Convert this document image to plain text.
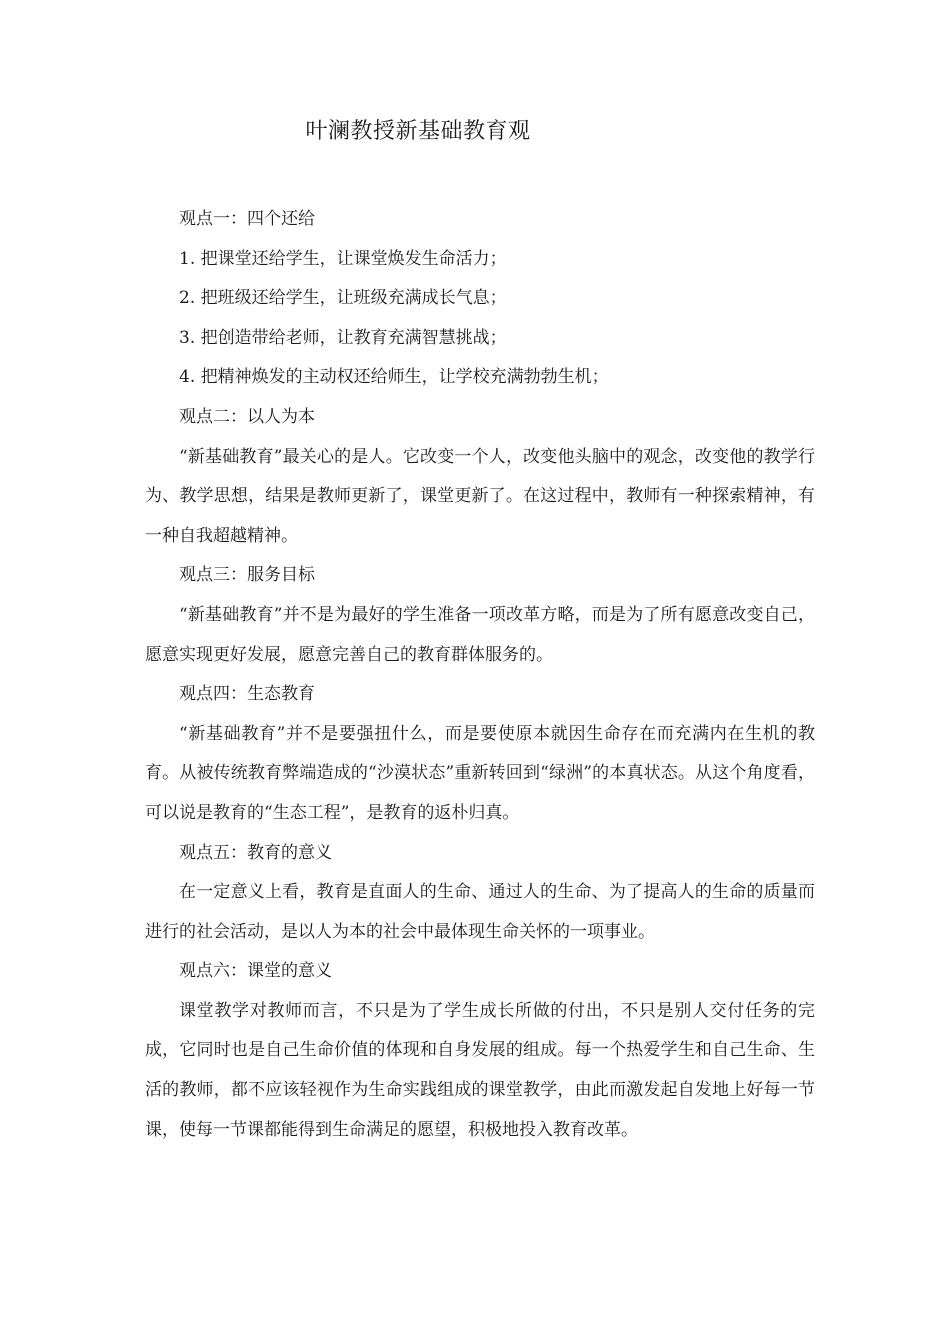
叶澜教授新基础教育观

观点一：四个还给

1. 把课堂还给学生，让课堂焕发生命活力；

2. 把班级还给学生，让班级充满成长气息；

3. 把创造带给老师，让教育充满智慧挑战；

4. 把精神焕发的主动权还给师生，让学校充满勃勃生机；

观点二：以人为本

“新基础教育”最关心的是人。它改变一个人，改变他头脑中的观念，改变他的教学行为、教学思想，结果是教师更新了，课堂更新了。在这过程中，教师有一种探索精神，有一种自我超越精神。

观点三：服务目标

“新基础教育”并不是为最好的学生准备一项改革方略，而是为了所有愿意改变自己，愿意实现更好发展，愿意完善自己的教育群体服务的。

观点四：生态教育

“新基础教育”并不是要强扭什么，而是要使原本就因生命存在而充满内在生机的教育。从被传统教育弊端造成的“沙漠状态”重新转回到“绿洲”的本真状态。从这个角度看，可以说是教育的“生态工程”，是教育的返朴归真。

观点五：教育的意义

在一定意义上看，教育是直面人的生命、通过人的生命、为了提高人的生命的质量而进行的社会活动，是以人为本的社会中最体现生命关怀的一项事业。

观点六：课堂的意义

课堂教学对教师而言，不只是为了学生成长所做的付出，不只是别人交付任务的完成，它同时也是自己生命价值的体现和自身发展的组成。每一个热爱学生和自己生命、生活的教师，都不应该轻视作为生命实践组成的课堂教学，由此而激发起自发地上好每一节课，使每一节课都能得到生命满足的愿望，积极地投入教育改革。
